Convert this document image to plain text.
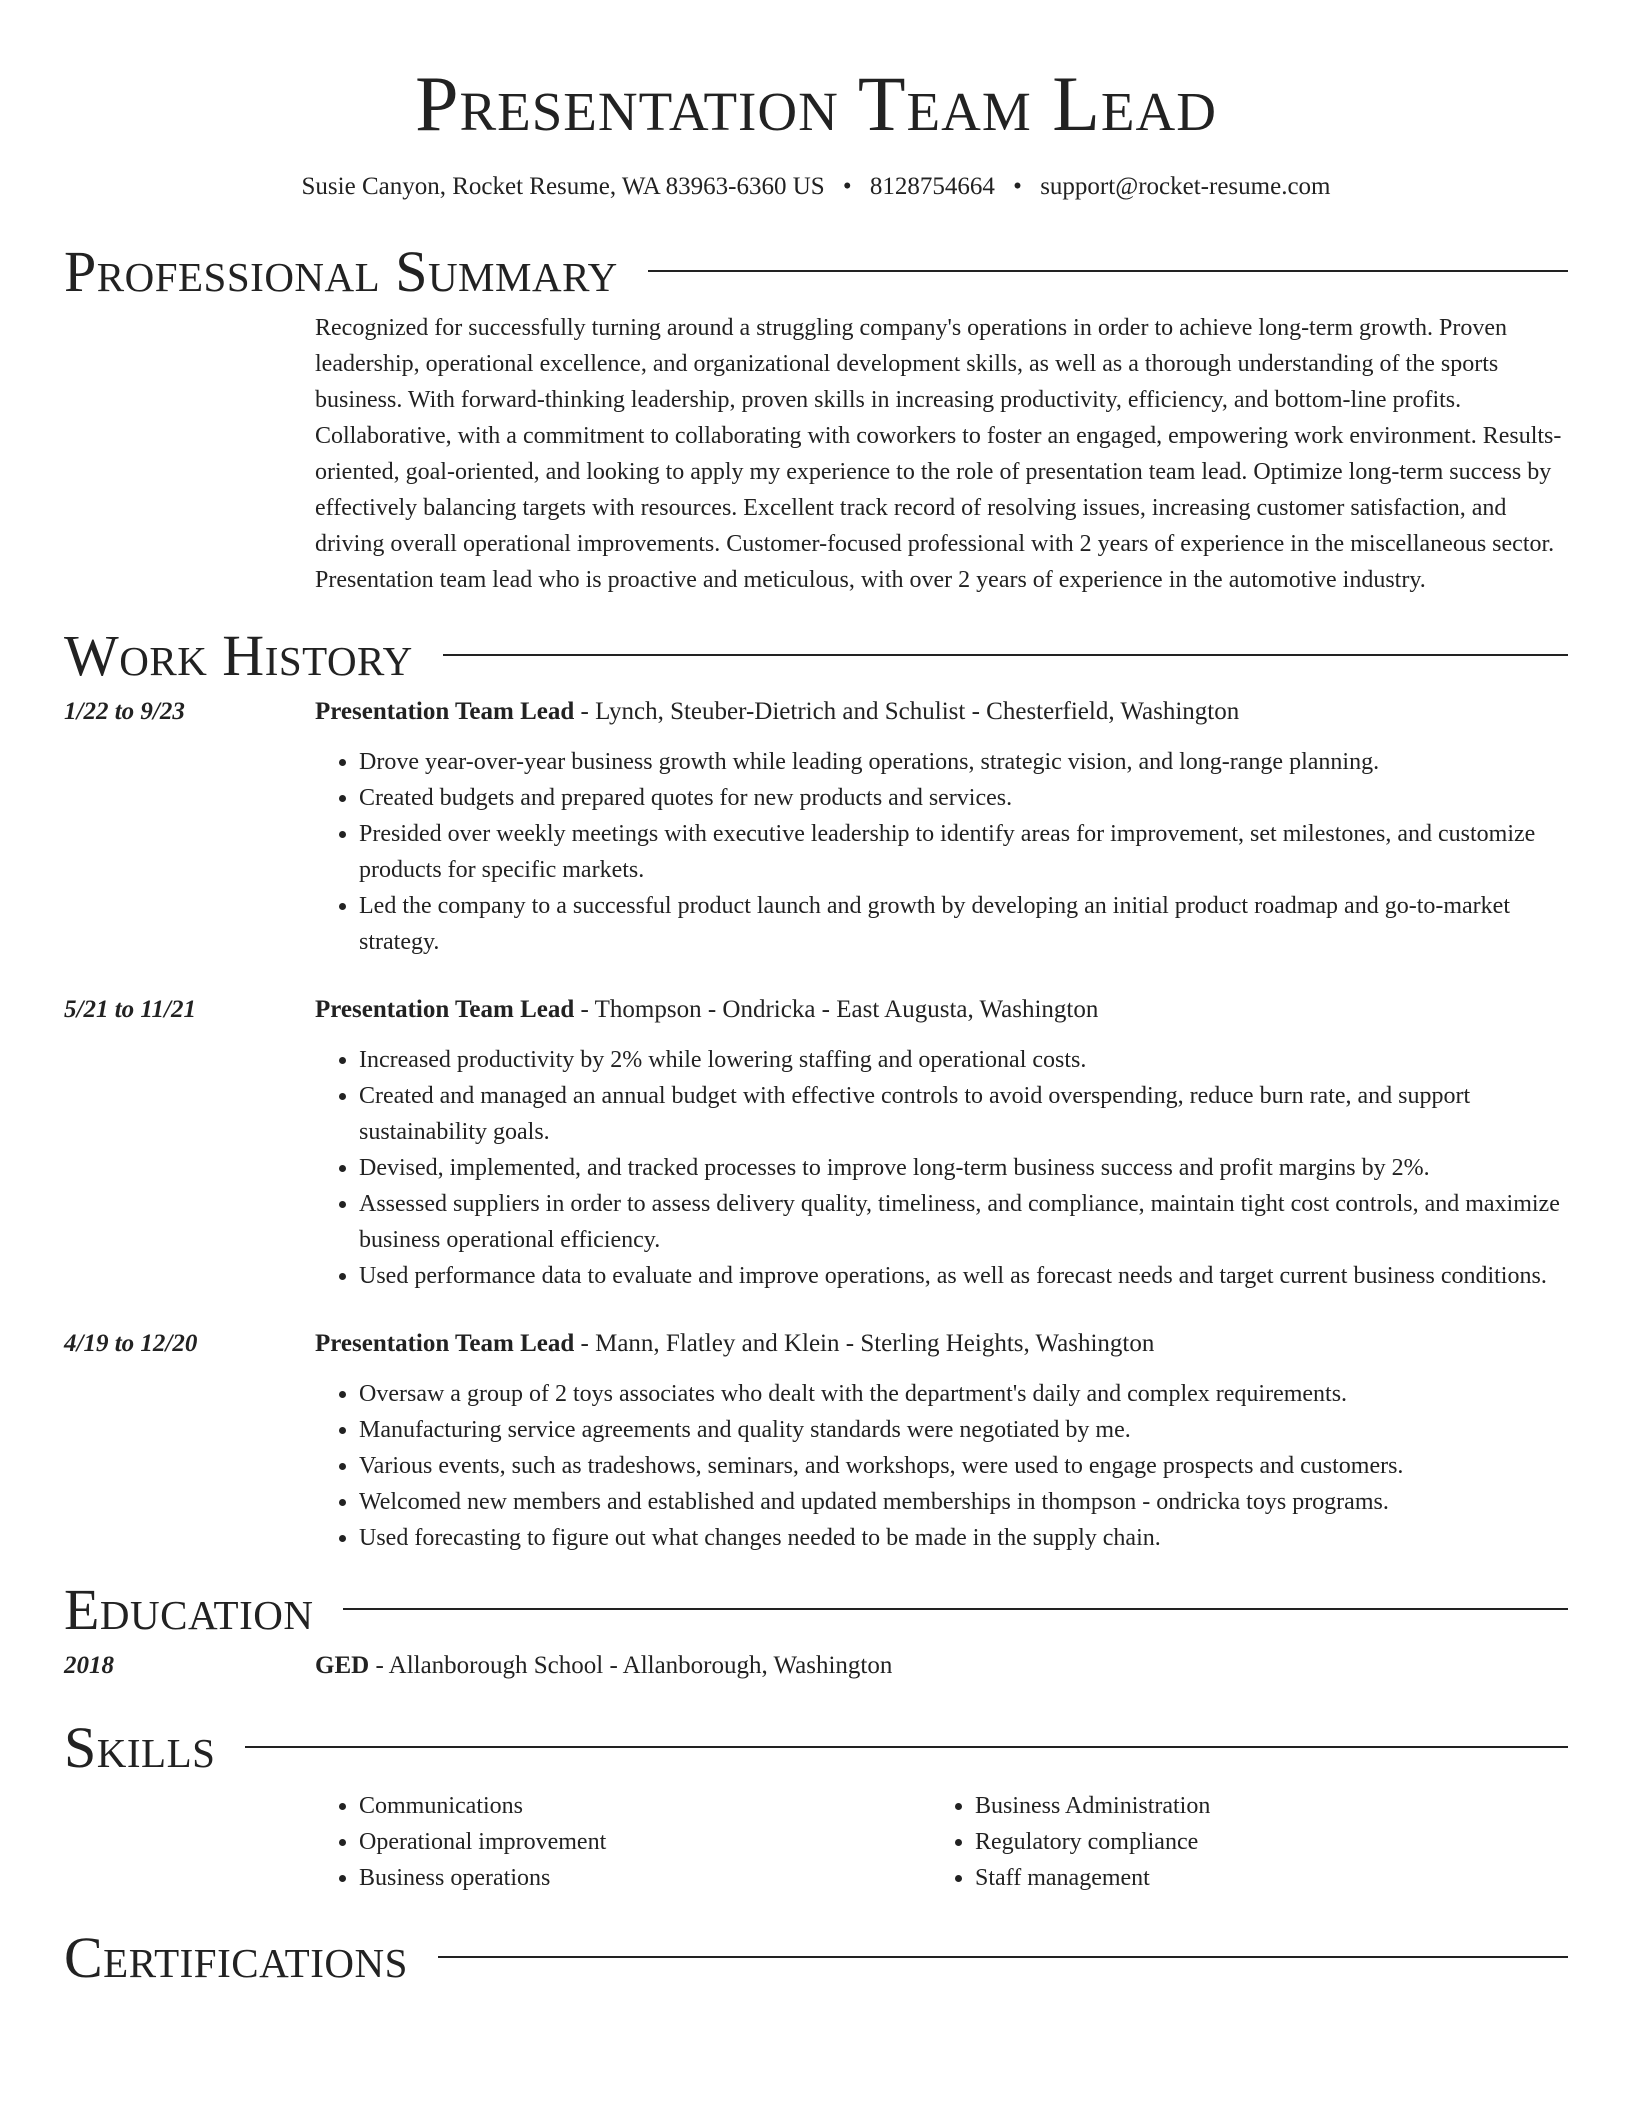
Presentation Team Lead
Susie Canyon, Rocket Resume, WA 83963-6360 US • 8128754664 • support@rocket-resume.com
Professional Summary
Recognized for successfully turning around a struggling company's operations in order to achieve long-term growth. Proven leadership, operational excellence, and organizational development skills, as well as a thorough understanding of the sports business. With forward-thinking leadership, proven skills in increasing productivity, efficiency, and bottom-line profits. Collaborative, with a commitment to collaborating with coworkers to foster an engaged, empowering work environment. Results-oriented, goal-oriented, and looking to apply my experience to the role of presentation team lead. Optimize long-term success by effectively balancing targets with resources. Excellent track record of resolving issues, increasing customer satisfaction, and driving overall operational improvements. Customer-focused professional with 2 years of experience in the miscellaneous sector. Presentation team lead who is proactive and meticulous, with over 2 years of experience in the automotive industry.
Work History
1/22 to 9/23	Presentation Team Lead - Lynch, Steuber-Dietrich and Schulist - Chesterfield, Washington
• Drove year-over-year business growth while leading operations, strategic vision, and long-range planning.
• Created budgets and prepared quotes for new products and services.
• Presided over weekly meetings with executive leadership to identify areas for improvement, set milestones, and customize products for specific markets.
• Led the company to a successful product launch and growth by developing an initial product roadmap and go-to-market strategy.
5/21 to 11/21	Presentation Team Lead - Thompson - Ondricka - East Augusta, Washington
• Increased productivity by 2% while lowering staffing and operational costs.
• Created and managed an annual budget with effective controls to avoid overspending, reduce burn rate, and support sustainability goals.
• Devised, implemented, and tracked processes to improve long-term business success and profit margins by 2%.
• Assessed suppliers in order to assess delivery quality, timeliness, and compliance, maintain tight cost controls, and maximize business operational efficiency.
• Used performance data to evaluate and improve operations, as well as forecast needs and target current business conditions.
4/19 to 12/20	Presentation Team Lead - Mann, Flatley and Klein - Sterling Heights, Washington
• Oversaw a group of 2 toys associates who dealt with the department's daily and complex requirements.
• Manufacturing service agreements and quality standards were negotiated by me.
• Various events, such as tradeshows, seminars, and workshops, were used to engage prospects and customers.
• Welcomed new members and established and updated memberships in thompson - ondricka toys programs.
• Used forecasting to figure out what changes needed to be made in the supply chain.
Education
2018	GED - Allanborough School - Allanborough, Washington
Skills
• Communications
• Operational improvement
• Business operations
• Business Administration
• Regulatory compliance
• Staff management
Certifications
